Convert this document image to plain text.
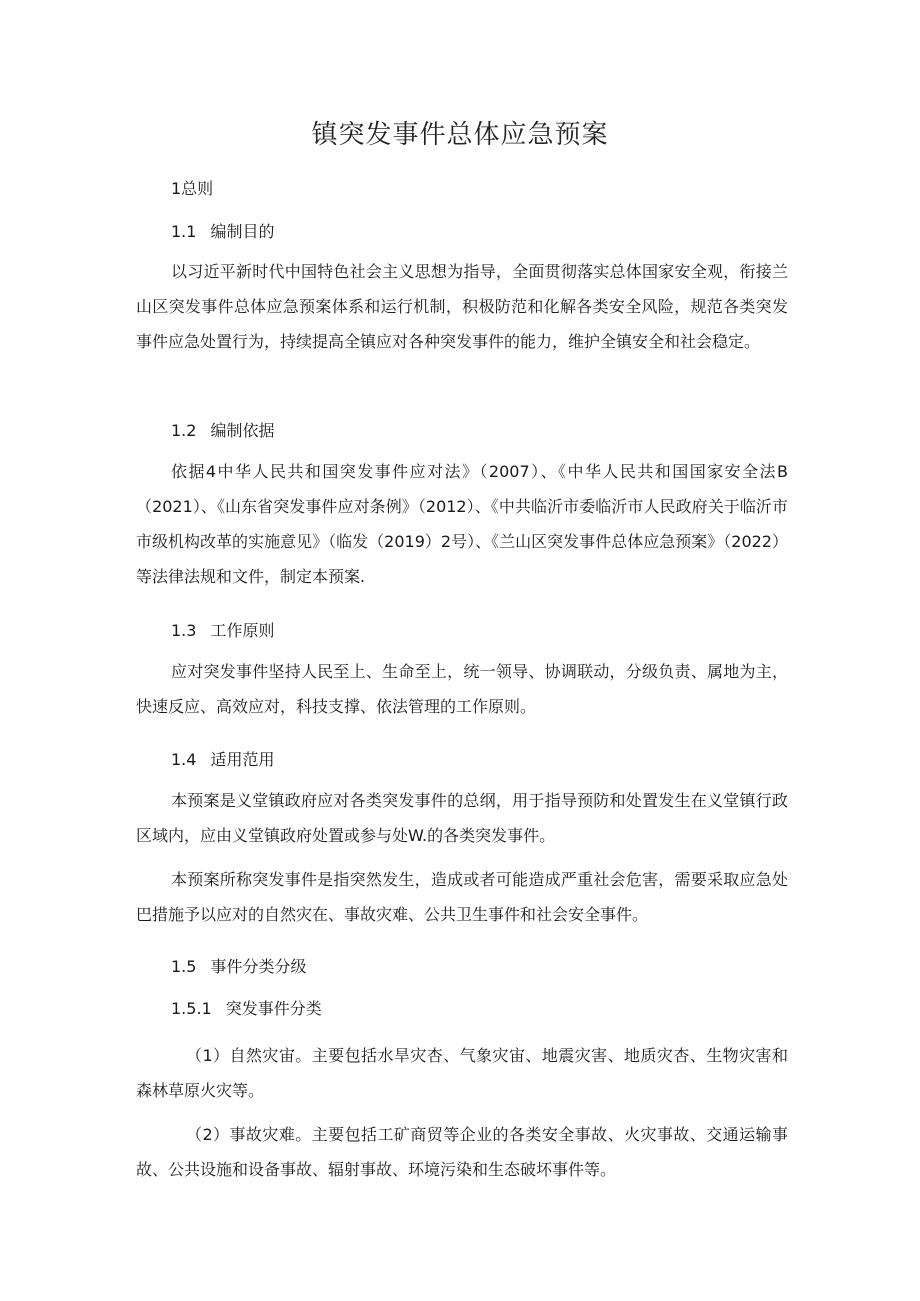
镇突发事件总体应急预案
1总则
1.1 编制目的
以习近平新时代中国特色社会主义思想为指导，全面贯彻落实总体国家安全观，衔接兰山区突发事件总体应急预案体系和运行机制，积极防范和化解各类安全风险，规范各类突发事件应急处置行为，持续提高全镇应对各种突发事件的能力，维护全镇安全和社会稳定。
1.2 编制依据
依据4中华人民共和国突发事件应对法》（2007）、《中华人民共和国国家安全法B（2021）、《山东省突发事件应对条例》（2012）、《中共临沂市委临沂市人民政府关于临沂市市级机构改革的实施意见》（临发（2019）2号）、《兰山区突发事件总体应急预案》（2022）等法律法规和文件，制定本预案.
1.3 工作原则
应对突发事件坚持人民至上、生命至上，统一领导、协调联动，分级负责、属地为主，快速反应、高效应对，科技支撑、依法管理的工作原则。
1.4 适用范用
本预案是义堂镇政府应对各类突发事件的总纲，用于指导预防和处置发生在义堂镇行政区域内，应由义堂镇政府处置或参与处W.的各类突发事件。
本预案所称突发事件是指突然发生，造成或者可能造成严重社会危害，需要采取应急处巴措施予以应对的自然灾在、事故灾难、公共卫生事件和社会安全事件。
1.5 事件分类分级
1.5.1 突发事件分类
（1）自然灾宙。主要包括水旱灾杏、气象灾宙、地震灾害、地质灾杏、生物灾害和森林草原火灾等。
（2）事故灾难。主要包括工矿商贸等企业的各类安全事故、火灾事故、交通运输事故、公共设施和设备事故、辐射事故、环境污染和生态破坏事件等。
